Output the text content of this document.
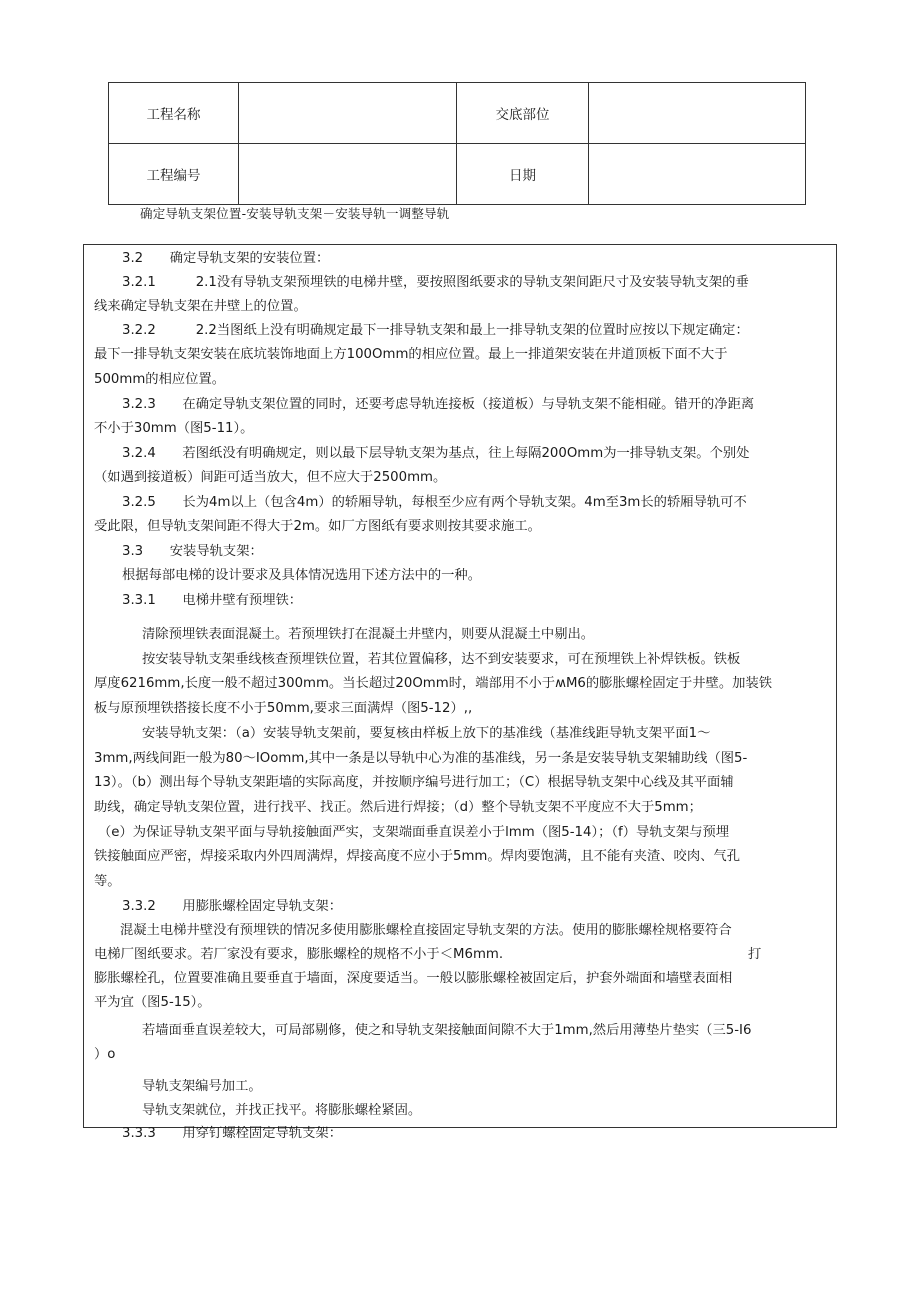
工程名称		交底部位	
工程编号		日期	
确定导轨支架位置-安装导轨支架－安装导轨一调整导轨
3.2　　确定导轨支架的安装位置：
3.2.1　　　2.1没有导轨支架预埋铁的电梯井壁，要按照图纸要求的导轨支架间距尺寸及安装导轨支架的垂
线来确定导轨支架在井壁上的位置。
3.2.2　　　2.2当图纸上没有明确规定最下一排导轨支架和最上一排导轨支架的位置时应按以下规定确定：
最下一排导轨支架安装在底坑装饰地面上方100Omm的相应位置。最上一排道架安装在井道顶板下面不大于
500mm的相应位置。
3.2.3　　在确定导轨支架位置的同时，还要考虑导轨连接板（接道板）与导轨支架不能相碰。错开的净距离
不小于30mm（图5-11）。
3.2.4　　若图纸没有明确规定，则以最下层导轨支架为基点，往上每隔200Omm为一排导轨支架。个别处
（如遇到接道板）间距可适当放大，但不应大于2500mm。
3.2.5　　长为4m以上（包含4m）的轿厢导轨，每根至少应有两个导轨支架。4m至3m长的轿厢导轨可不
受此限，但导轨支架间距不得大于2m。如厂方图纸有要求则按其要求施工。
3.3　　安装导轨支架：
根据每部电梯的设计要求及具体情况选用下述方法中的一种。
3.3.1　　电梯井壁有预埋铁：
清除预埋铁表面混凝土。若预埋铁打在混凝土井壁内，则要从混凝土中剔出。
按安装导轨支架垂线核查预埋铁位置，若其位置偏移，达不到安装要求，可在预埋铁上补焊铁板。铁板
厚度6216mm,长度一般不超过300mm。当长超过20Omm时，端部用不小于ʍM6的膨胀螺栓固定于井壁。加装铁
板与原预埋铁搭接长度不小于50mm,要求三面满焊（图5-12）,,
安装导轨支架：（a）安装导轨支架前，要复核由样板上放下的基准线（基准线距导轨支架平面1〜
3mm,两线间距一般为80〜IOomm,其中一条是以导轨中心为准的基准线，另一条是安装导轨支架辅助线（图5-
13）。（b）测出每个导轨支架距墙的实际高度，并按顺序编号进行加工；（C）根据导轨支架中心线及其平面辅
助线，确定导轨支架位置，进行找平、找正。然后进行焊接；（d）整个导轨支架不平度应不大于5mm；
（e）为保证导轨支架平面与导轨接触面严实，支架端面垂直误差小于lmm（图5-14）；（f）导轨支架与预埋
铁接触面应严密，焊接采取内外四周满焊，焊接高度不应小于5mm。焊肉要饱满，且不能有夹渣、咬肉、气孔
等。
3.3.2　　用膨胀螺栓固定导轨支架：
混凝土电梯井壁没有预埋铁的情况多使用膨胀螺栓直接固定导轨支架的方法。使用的膨胀螺栓规格要符合
电梯厂图纸要求。若厂家没有要求，膨胀螺栓的规格不小于＜M6mm.	打
膨胀螺栓孔，位置要准确且要垂直于墙面，深度要适当。一般以膨胀螺栓被固定后，护套外端面和墙壁表面相
平为宜（图5-15）。
若墙面垂直误差较大，可局部剔修，使之和导轨支架接触面间隙不大于1mm,然后用薄垫片垫实（三5-I6
）o
导轨支架编号加工。
导轨支架就位，并找正找平。将膨胀螺栓紧固。
3.3.3　　用穿钉螺栓固定导轨支架：
